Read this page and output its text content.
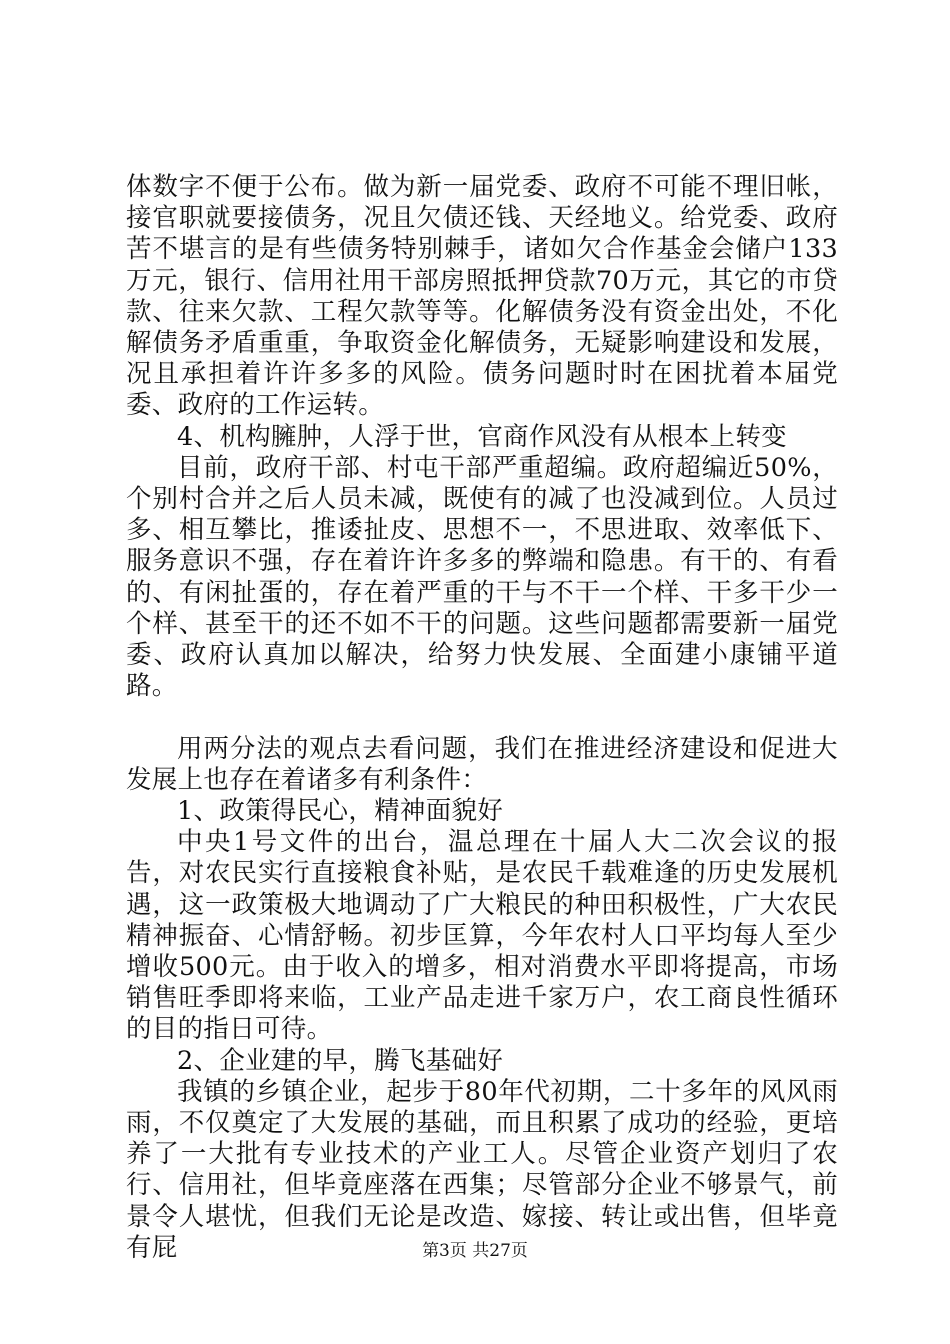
体数字不便于公布。做为新一届党委、政府不可能不理旧帐，接官职就要接债务，况且欠债还钱、天经地义。给党委、政府苦不堪言的是有些债务特别棘手，诸如欠合作基金会储户133万元，银行、信用社用干部房照抵押贷款70万元，其它的市贷款、往来欠款、工程欠款等等。化解债务没有资金出处，不化解债务矛盾重重，争取资金化解债务，无疑影响建设和发展，况且承担着许许多多的风险。债务问题时时在困扰着本届党委、政府的工作运转。

4、机构臃肿，人浮于世，官商作风没有从根本上转变

目前，政府干部、村屯干部严重超编。政府超编近50%，个别村合并之后人员未减，既使有的减了也没减到位。人员过多、相互攀比，推诿扯皮、思想不一，不思进取、效率低下、服务意识不强，存在着许许多多的弊端和隐患。有干的、有看的、有闲扯蛋的，存在着严重的干与不干一个样、干多干少一个样、甚至干的还不如不干的问题。这些问题都需要新一届党委、政府认真加以解决，给努力快发展、全面建小康铺平道路。

用两分法的观点去看问题，我们在推进经济建设和促进大发展上也存在着诸多有利条件：

1、政策得民心，精神面貌好

中央1号文件的出台，温总理在十届人大二次会议的报告，对农民实行直接粮食补贴，是农民千载难逢的历史发展机遇，这一政策极大地调动了广大粮民的种田积极性，广大农民精神振奋、心情舒畅。初步匡算，今年农村人口平均每人至少增收500元。由于收入的增多，相对消费水平即将提高，市场销售旺季即将来临，工业产品走进千家万户，农工商良性循环的目的指日可待。

2、企业建的早，腾飞基础好

我镇的乡镇企业，起步于80年代初期，二十多年的风风雨雨，不仅奠定了大发展的基础，而且积累了成功的经验，更培养了一大批有专业技术的产业工人。尽管企业资产划归了农行、信用社，但毕竟座落在西集；尽管部分企业不够景气，前景令人堪忧，但我们无论是改造、嫁接、转让或出售，但毕竟有屁	第3页 共27页
